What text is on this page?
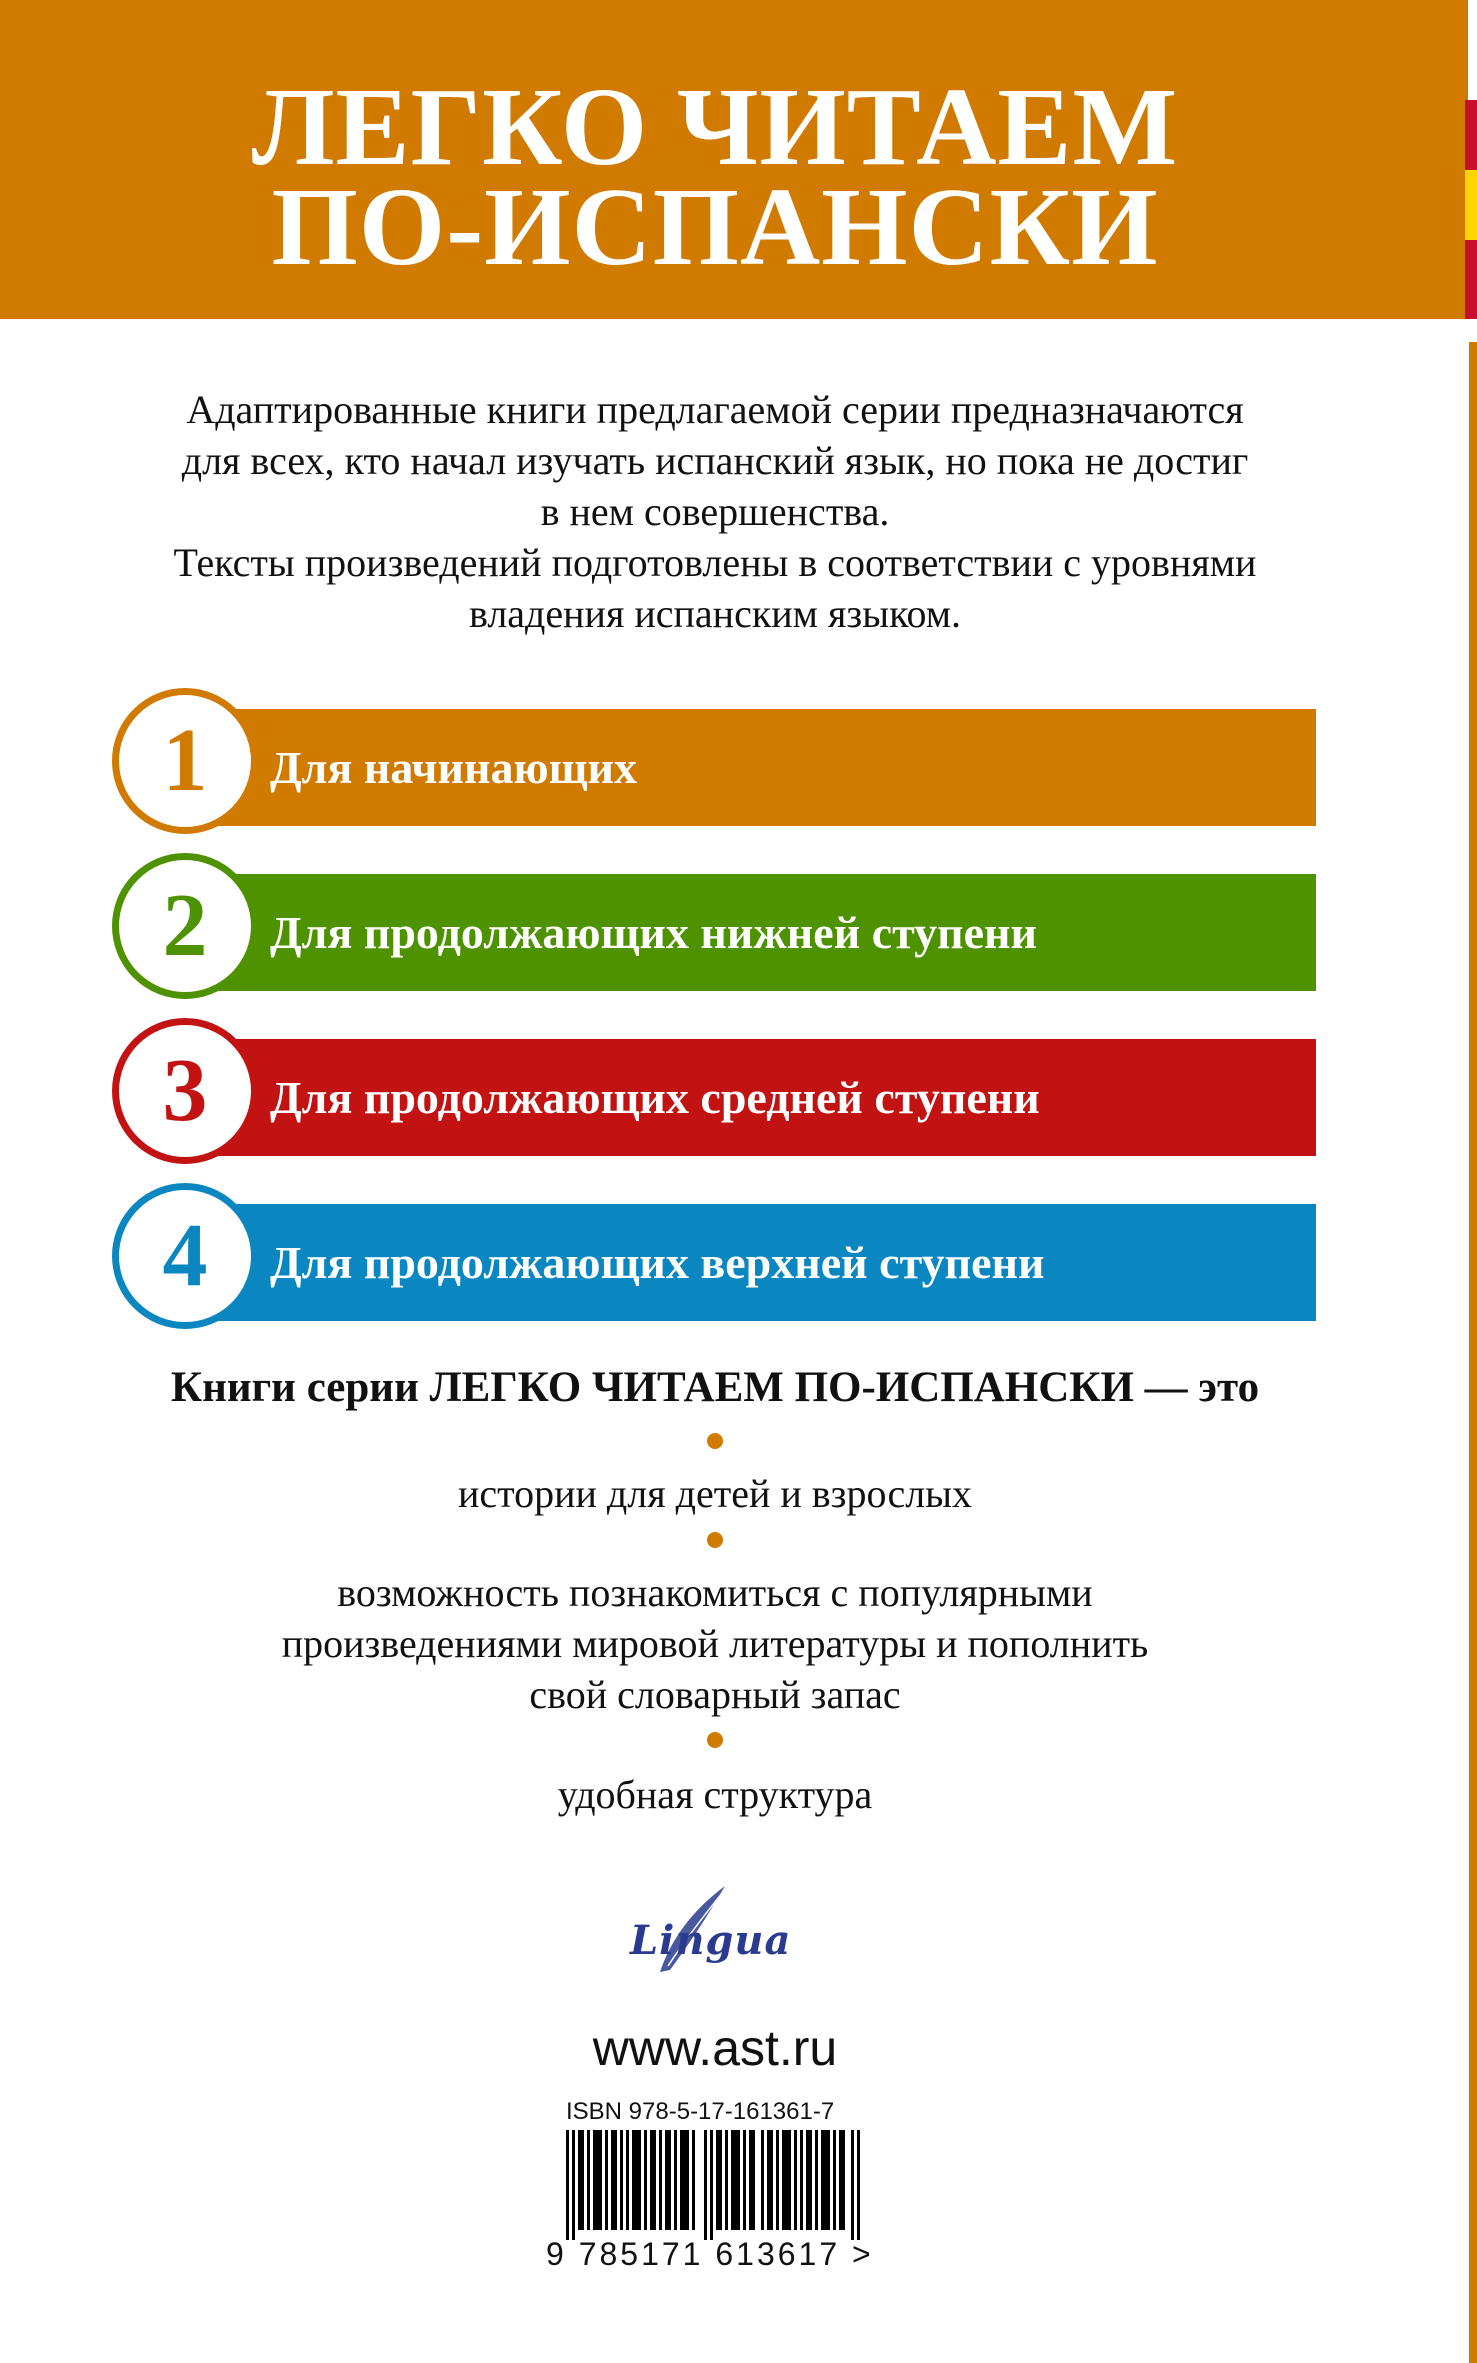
ЛЕГКО ЧИТАЕМ
ПО-ИСПАНСКИ

Адаптированные книги предлагаемой серии предназначаются

для всех, кто начал изучать испанский язык, но пока не достиг

в нем совершенства.

Тексты произведений подготовлены в соответствии с уровнями

владения испанским языком.

1	Для начинающих
2	Для продолжающих нижней ступени
3	Для продолжающих средней ступени
4	Для продолжающих верхней ступени
Книги серии ЛЕГКО ЧИТАЕМ ПО-ИСПАНСКИ — это
истории для детей и взрослых
возможность познакомиться с популярными
произведениями мировой литературы и пополнить
свой словарный запас
удобная структура
Lingua
www.ast.ru
ISBN 978-5-17-161361-7
9 785171 613617 >
